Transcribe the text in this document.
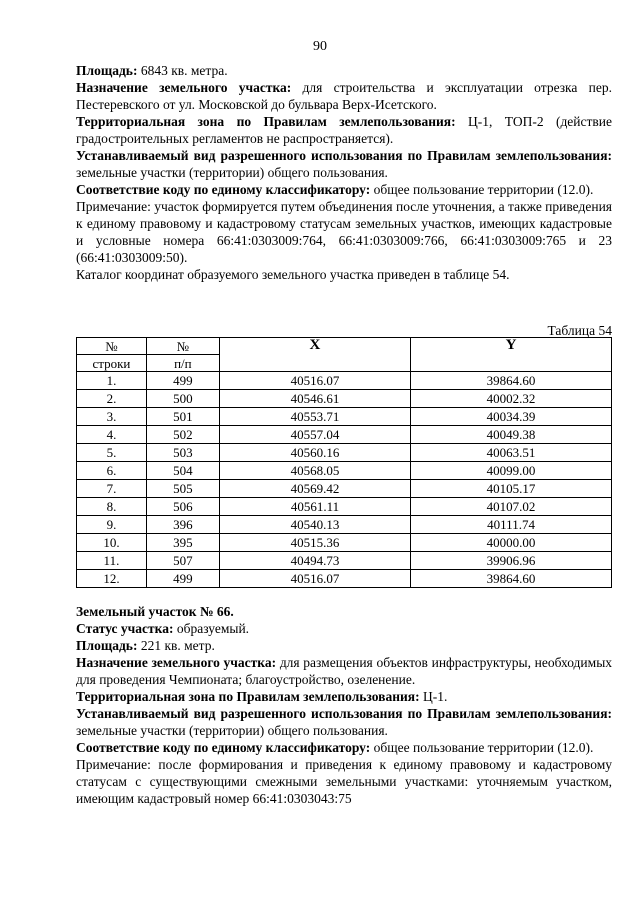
90

Площадь: 6843 кв. метра.

Назначение земельного участка: для строительства и эксплуатации отрезка пер. Пестеревского от ул. Московской до бульвара Верх-Исетского.

Территориальная зона по Правилам землепользования: Ц-1, ТОП-2 (действие градостроительных регламентов не распространяется).

Устанавливаемый вид разрешенного использования по Правилам землепользования: земельные участки (территории) общего пользования.

Соответствие коду по единому классификатору: общее пользование территории (12.0).

Примечание: участок формируется путем объединения после уточнения, а также приведения к единому правовому и кадастровому статусам земельных участков, имеющих кадастровые и условные номера 66:41:0303009:764, 66:41:0303009:766, 66:41:0303009:765 и 23 (66:41:0303009:50).

Каталог координат образуемого земельного участка приведен в таблице 54.

Таблица 54
№	№	X	Y
строки	п/п		
1.	499	40516.07	39864.60
2.	500	40546.61	40002.32
3.	501	40553.71	40034.39
4.	502	40557.04	40049.38
5.	503	40560.16	40063.51
6.	504	40568.05	40099.00
7.	505	40569.42	40105.17
8.	506	40561.11	40107.02
9.	396	40540.13	40111.74
10.	395	40515.36	40000.00
11.	507	40494.73	39906.96
12.	499	40516.07	39864.60

Земельный участок № 66.

Статус участка: образуемый.

Площадь: 221 кв. метр.

Назначение земельного участка: для размещения объектов инфраструктуры, необходимых для проведения Чемпионата; благоустройство, озеленение.

Территориальная зона по Правилам землепользования: Ц-1.

Устанавливаемый вид разрешенного использования по Правилам землепользования: земельные участки (территории) общего пользования.

Соответствие коду по единому классификатору: общее пользование территории (12.0).

Примечание: после формирования и приведения к единому правовому и кадастровому статусам с существующими смежными земельными участками: уточняемым участком, имеющим кадастровый номер 66:41:0303043:75
